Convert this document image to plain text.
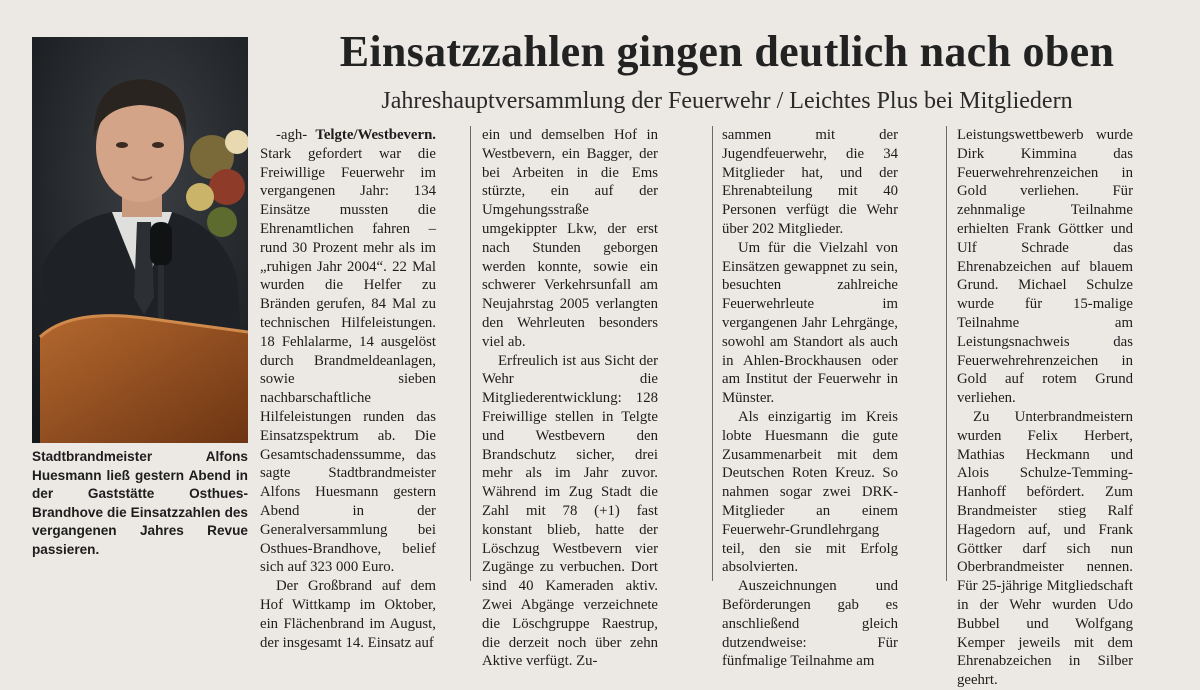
Einsatzzahlen gingen deutlich nach oben
Jahreshauptversammlung der Feuerwehr / Leichtes Plus bei Mitgliedern
Stadtbrandmeister Alfons Huesmann ließ gestern Abend in der Gaststätte Osthues-Brandhove die Einsatzzahlen des vergangenen Jahres Revue passieren.

-agh- Telgte/Westbevern. Stark gefordert war die Freiwillige Feuerwehr im vergangenen Jahr: 134 Einsätze mussten die Ehrenamtlichen fahren – rund 30 Prozent mehr als im „ruhigen Jahr 2004“. 22 Mal wurden die Helfer zu Bränden gerufen, 84 Mal zu technischen Hilfeleistungen. 18 Fehlalarme, 14 ausgelöst durch Brandmeldeanlagen, sowie sieben nachbarschaftliche Hilfeleistungen runden das Einsatzspektrum ab. Die Gesamtschadenssumme, das sagte Stadtbrandmeister Alfons Huesmann gestern Abend in der Generalversammlung bei Osthues-Brandhove, belief sich auf 323 000 Euro.

Der Großbrand auf dem Hof Wittkamp im Oktober, ein Flächenbrand im August, der insgesamt 14. Einsatz auf

ein und demselben Hof in Westbevern, ein Bagger, der bei Arbeiten in die Ems stürzte, ein auf der Umgehungsstraße umgekippter Lkw, der erst nach Stunden geborgen werden konnte, sowie ein schwerer Verkehrsunfall am Neujahrstag 2005 verlangten den Wehrleuten besonders viel ab.

Erfreulich ist aus Sicht der Wehr die Mitgliederentwicklung: 128 Freiwillige stellen in Telgte und Westbevern den Brandschutz sicher, drei mehr als im Jahr zuvor. Während im Zug Stadt die Zahl mit 78 (+1) fast konstant blieb, hatte der Löschzug Westbevern vier Zugänge zu verbuchen. Dort sind 40 Kameraden aktiv. Zwei Abgänge verzeichnete die Löschgruppe Raestrup, die derzeit noch über zehn Aktive verfügt. Zu-

sammen mit der Jugendfeuerwehr, die 34 Mitglieder hat, und der Ehrenabteilung mit 40 Personen verfügt die Wehr über 202 Mitglieder.

Um für die Vielzahl von Einsätzen gewappnet zu sein, besuchten zahlreiche Feuerwehrleute im vergangenen Jahr Lehrgänge, sowohl am Standort als auch in Ahlen-Brockhausen oder am Institut der Feuerwehr in Münster.

Als einzigartig im Kreis lobte Huesmann die gute Zusammenarbeit mit dem Deutschen Roten Kreuz. So nahmen sogar zwei DRK-Mitglieder an einem Feuerwehr-Grundlehrgang teil, den sie mit Erfolg absolvierten.

Auszeichnungen und Beförderungen gab es anschließend gleich dutzendweise: Für fünfmalige Teilnahme am

Leistungswettbewerb wurde Dirk Kimmina das Feuerwehrehrenzeichen in Gold verliehen. Für zehnmalige Teilnahme erhielten Frank Göttker und Ulf Schrade das Ehrenabzeichen auf blauem Grund. Michael Schulze wurde für 15-malige Teilnahme am Leistungsnachweis das Feuerwehrehrenzeichen in Gold auf rotem Grund verliehen.

Zu Unterbrandmeistern wurden Felix Herbert, Mathias Heckmann und Alois Schulze-Temming-Hanhoff befördert. Zum Brandmeister stieg Ralf Hagedorn auf, und Frank Göttker darf sich nun Oberbrandmeister nennen. Für 25-jährige Mitgliedschaft in der Wehr wurden Udo Bubbel und Wolfgang Kemper jeweils mit dem Ehrenabzeichen in Silber geehrt.
